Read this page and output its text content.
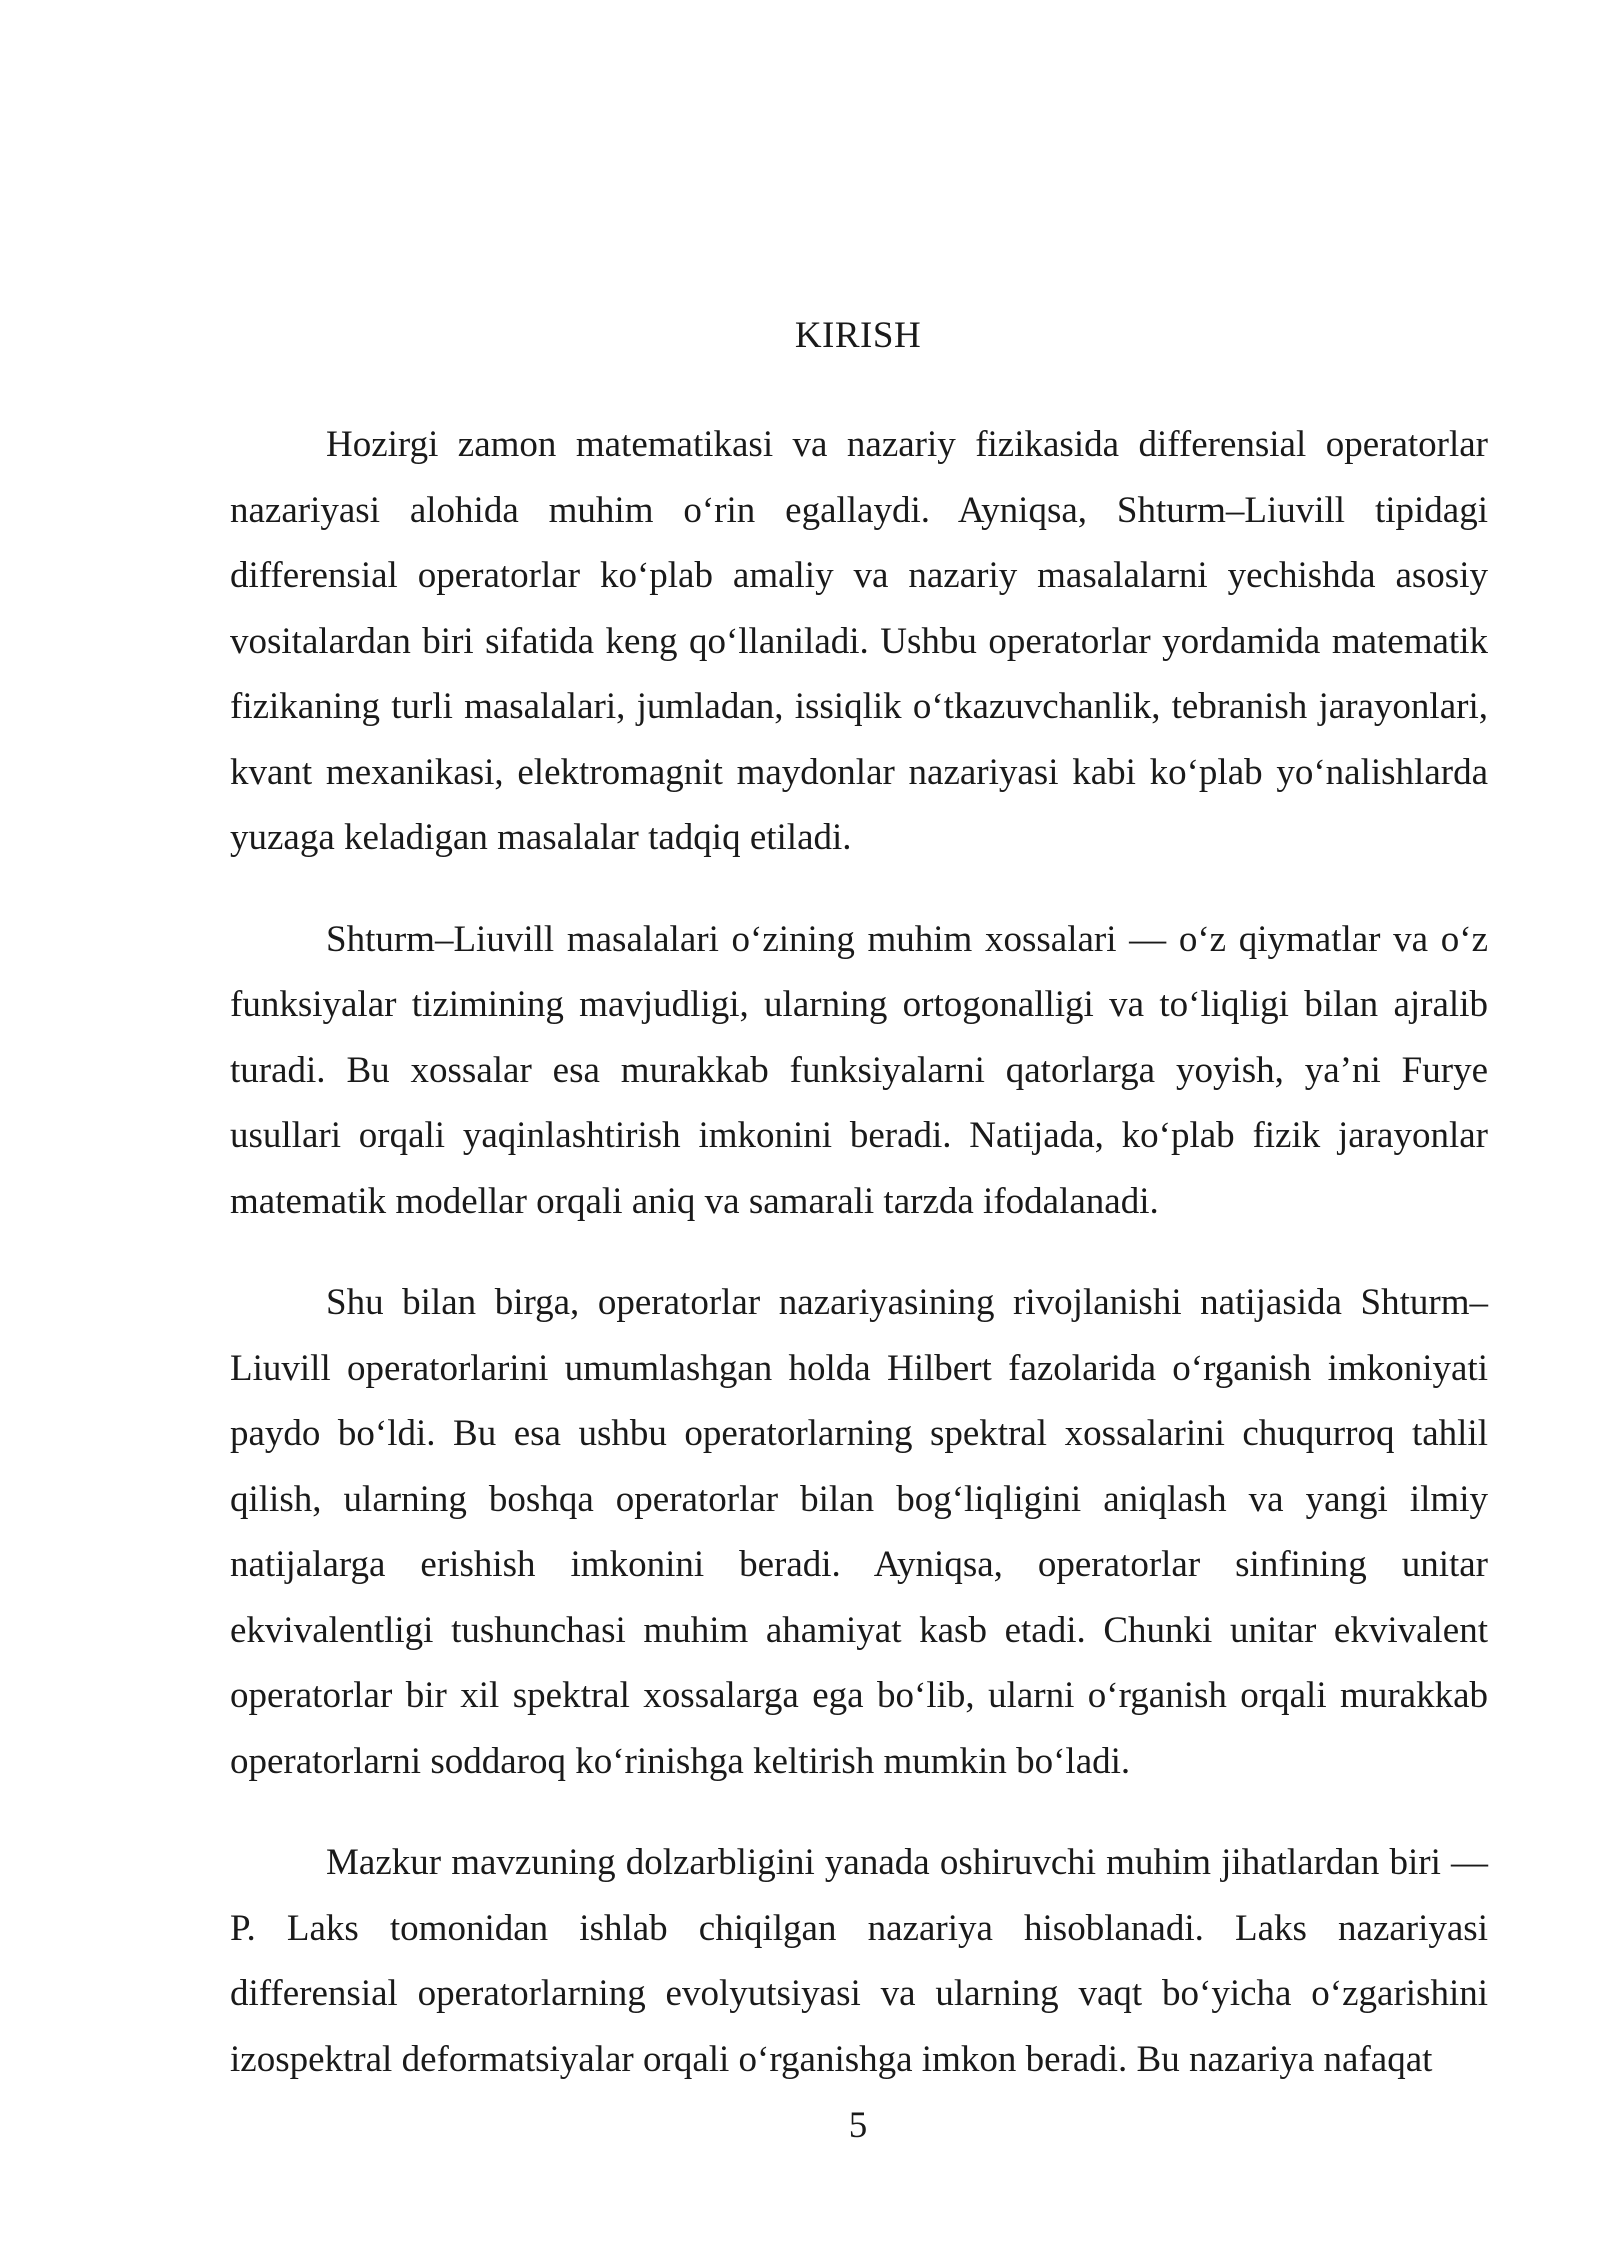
KIRISH

Hozirgi zamon matematikasi va nazariy fizikasida differensial operatorlar nazariyasi alohida muhim o‘rin egallaydi. Ayniqsa, Shturm–Liuvill tipidagi differensial operatorlar ko‘plab amaliy va nazariy masalalarni yechishda asosiy vositalardan biri sifatida keng qo‘llaniladi. Ushbu operatorlar yordamida matematik fizikaning turli masalalari, jumladan, issiqlik o‘tkazuvchanlik, tebranish jarayonlari, kvant mexanikasi, elektromagnit maydonlar nazariyasi kabi ko‘plab yo‘nalishlarda yuzaga keladigan masalalar tadqiq etiladi.

Shturm–Liuvill masalalari o‘zining muhim xossalari — o‘z qiymatlar va o‘z funksiyalar tizimining mavjudligi, ularning ortogonalligi va to‘liqligi bilan ajralib turadi. Bu xossalar esa murakkab funksiyalarni qatorlarga yoyish, ya’ni Furye usullari orqali yaqinlashtirish imkonini beradi. Natijada, ko‘plab fizik jarayonlar matematik modellar orqali aniq va samarali tarzda ifodalanadi.

Shu bilan birga, operatorlar nazariyasining rivojlanishi natijasida Shturm–Liuvill operatorlarini umumlashgan holda Hilbert fazolarida o‘rganish imkoniyati paydo bo‘ldi. Bu esa ushbu operatorlarning spektral xossalarini chuqurroq tahlil qilish, ularning boshqa operatorlar bilan bog‘liqligini aniqlash va yangi ilmiy natijalarga erishish imkonini beradi. Ayniqsa, operatorlar sinfining unitar ekvivalentligi tushunchasi muhim ahamiyat kasb etadi. Chunki unitar ekvivalent operatorlar bir xil spektral xossalarga ega bo‘lib, ularni o‘rganish orqali murakkab operatorlarni soddaroq ko‘rinishga keltirish mumkin bo‘ladi.

Mazkur mavzuning dolzarbligini yanada oshiruvchi muhim jihatlardan biri — P. Laks tomonidan ishlab chiqilgan nazariya hisoblanadi. Laks nazariyasi differensial operatorlarning evolyutsiyasi va ularning vaqt bo‘yicha o‘zgarishini izospektral deformatsiyalar orqali o‘rganishga imkon beradi. Bu nazariya nafaqat

5
